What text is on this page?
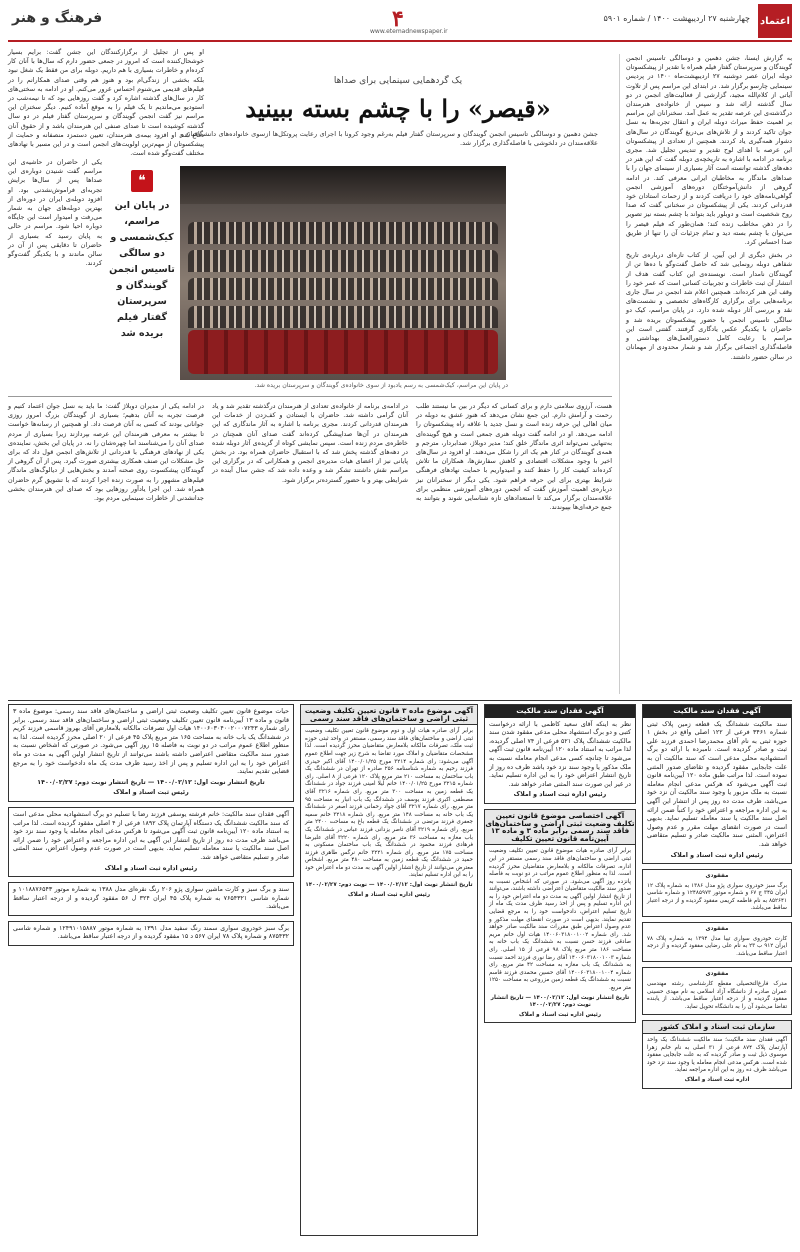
اعتماد
چهارشنبه ۲۷ اردیبهشت ۱۴۰۰ / شماره ۵۹۰۱
۴
www.etemadnewspaper.ir
فرهنگ و هنر
یک گردهمایی سینمایی برای صداها
«قیصر» را با چشم بسته ببینید
جشن دهمین و دوسالگی تاسیس انجمن گویندگان و سرپرستان گفتار فیلم به‌رغم وجود کرونا با اجرای رعایت پروتکل‌ها ازسوی خانواده‌های دانشگاهیان و علاقه‌مندان در دلخوشی با فاصله‌گذاری برگزار شد.

به گزارش ایسنا، جشن دهمین و دوسالگی تاسیس انجمن گویندگان و سرپرستان گفتار فیلم همراه با تقدیر از پیشکسوتان دوبله ایران عصر دوشنبه ۲۷ اردیبهشت‌ماه ۱۴۰۰ در پردیس سینمایی چارسو برگزار شد. در ابتدای این مراسم پس از تلاوت آیاتی از کلام‌الله مجید، گزارشی از فعالیت‌های انجمن در دو سال گذشته ارائه شد و سپس از خانواده‌ی هنرمندان درگذشته‌ی این عرصه تقدیر به عمل آمد. سخنرانان این مراسم بر اهمیت حفظ میراث دوبله ایران و انتقال تجربه‌ها به نسل جوان تاکید کردند و از تلاش‌های بی‌دریغ گویندگان در سال‌های دشوار همه‌گیری یاد کردند. همچنین از تعدادی از پیشکسوتان این عرصه با اهدای لوح تقدیر و تندیس تجلیل شد. مجری برنامه در ادامه با اشاره به تاریخچه‌ی دوبله گفت که این هنر در دهه‌های گذشته توانسته است آثار بسیاری از سینمای جهان را با صداهای ماندگار به مخاطبان ایرانی معرفی کند. در ادامه گروهی از دانش‌آموختگان دوره‌های آموزشی انجمن گواهی‌نامه‌های خود را دریافت کردند و از زحمات استادان خود قدردانی کردند. یکی از پیشکسوتان در سخنانی گفت که صدا روح شخصیت است و دوبلور باید بتواند با چشم بسته نیز تصویر را در ذهن مخاطب زنده کند؛ همان‌طور که فیلم قیصر را می‌توان با چشم بسته دید و تمام جزئیات آن را تنها از طریق صدا احساس کرد.

در بخش دیگری از این آیین، از کتاب تازه‌ای درباره‌ی تاریخ شفاهی دوبله رونمایی شد که حاصل گفت‌وگو با ده‌ها تن از گویندگان نامدار است. نویسنده‌ی این کتاب گفت هدف از انتشار آن ثبت خاطرات و تجربیات کسانی است که عمر خود را وقف این هنر کرده‌اند. همچنین اعلام شد انجمن در سال جاری برنامه‌هایی برای برگزاری کارگاه‌های تخصصی و نشست‌های نقد و بررسی آثار دوبله شده دارد. در پایان مراسم، کیک دو سالگی تاسیس انجمن با حضور پیشکسوتان بریده شد و حاضران با یکدیگر عکس یادگاری گرفتند. گفتنی است این مراسم با رعایت کامل دستورالعمل‌های بهداشتی و فاصله‌گذاری اجتماعی برگزار شد و شمار محدودی از مهمانان در سالن حضور داشتند.

در پایان این مراسم، کیک‌شمسی به رسم یادبود از سوی خانواده‌ی گویندگان و سرپرستان بریده شد.
❝
در پایان این مراسم، کیک‌شمسی و دو سالگی تاسیس انجمن گویندگان و سرپرستان گفتار فیلم بریده شد

یکی از حاضران در حاشیه‌ی این مراسم گفت شنیدن دوباره‌ی این صداها پس از سال‌ها برایش تجربه‌ای فراموش‌نشدنی بود. او افزود دوبله‌ی ایران در دوره‌ای از بهترین دوبله‌های جهان به شمار می‌رفت و امیدوار است این جایگاه دوباره احیا شود. مراسم در حالی به پایان رسید که بسیاری از حاضران تا دقایقی پس از آن در سالن ماندند و با یکدیگر گفت‌وگو کردند.

او پس از تجلیل از برگزارکنندگان این جشن گفت: برایم بسیار خوشحال‌کننده است که امروز در جمعی حضور دارم که سال‌ها با آنان کار کرده‌ام و خاطرات بسیاری با هم داریم. دوبله برای من فقط یک شغل نبود بلکه بخشی از زندگی‌ام بود و هنوز هم وقتی صدای همکارانم را در فیلم‌های قدیمی می‌شنوم احساس غرور می‌کنم. او در ادامه به سختی‌های کار در سال‌های گذشته اشاره کرد و گفت روزهایی بود که تا نیمه‌شب در استودیو می‌ماندیم تا یک فیلم را به موقع آماده کنیم. دیگر سخنران این مراسم نیز گفت انجمن گویندگان و سرپرستان گفتار فیلم در دو سال گذشته کوشیده است تا صدای صنفی این هنرمندان باشد و از حقوق آنان دفاع کند. او افزود بیمه‌ی هنرمندان، تعیین دستمزد منصفانه و حمایت از پیشکسوتان از مهم‌ترین اولویت‌های انجمن است و در این مسیر با نهادهای مختلف گفت‌وگو شده است.

هست، آرزوی سلامتی دارم و برای کسانی که دیگر در بین ما نیستند طلب رحمت و آرامش دارم. این جمع نشان می‌دهد که هنوز عشق به دوبله در میان اهالی این حرفه زنده است و نسل جدید با علاقه راه پیشکسوتان را ادامه می‌دهد. او در ادامه گفت دوبله هنری جمعی است و هیچ گوینده‌ای به‌تنهایی نمی‌تواند اثری ماندگار خلق کند؛ مدیر دوبلاژ، صدابردار، مترجم و همه‌ی گویندگان در کنار هم یک اثر را شکل می‌دهند. او افزود در سال‌های اخیر با وجود مشکلات اقتصادی و کاهش سفارش‌ها، همکاران ما تلاش کرده‌اند کیفیت کار را حفظ کنند و امیدواریم با حمایت نهادهای فرهنگی شرایط بهتری برای این حرفه فراهم شود. یکی دیگر از سخنرانان نیز درباره‌ی اهمیت آموزش گفت که انجمن دوره‌های آموزشی منظمی برای علاقه‌مندان برگزار می‌کند تا استعدادهای تازه شناسایی شوند و بتوانند به جمع حرفه‌ای‌ها بپیوندند.

در ادامه‌ی برنامه از خانواده‌ی تعدادی از هنرمندان درگذشته تقدیر شد و یاد آنان گرامی داشته شد. حاضران با ایستادن و کف‌زدن از خدمات این هنرمندان قدردانی کردند. مجری برنامه با اشاره به آثار ماندگاری که این هنرمندان در آن‌ها صداپیشگی کرده‌اند گفت صدای آنان همچنان در خاطره‌ی مردم زنده است. سپس نمایشی کوتاه از گزیده‌ی آثار دوبله شده در دهه‌های گذشته پخش شد که با استقبال حاضران همراه بود. در بخش پایانی نیز از اعضای هیات مدیره‌ی انجمن و همکارانی که در برگزاری این مراسم نقش داشتند تشکر شد و وعده داده شد که جشن سال آینده در شرایطی بهتر و با حضور گسترده‌تر برگزار شود.

در ادامه یکی از مدیران دوبلاژ گفت: ما باید به نسل جوان اعتماد کنیم و فرصت تجربه به آنان بدهیم؛ بسیاری از گویندگان بزرگ امروز روزی جوانانی بودند که کسی به آنان فرصت داد. او همچنین از رسانه‌ها خواست تا بیشتر به معرفی هنرمندان این عرصه بپردازند زیرا بسیاری از مردم صدای آنان را می‌شناسند اما چهره‌شان را نه. در پایان این بخش، نماینده‌ی یکی از نهادهای فرهنگی با قدردانی از تلاش‌های انجمن قول داد که برای حل مشکلات این صنف همکاری بیشتری صورت گیرد. پس از آن گروهی از گویندگان پیشکسوت روی صحنه آمدند و بخش‌هایی از دیالوگ‌های ماندگار فیلم‌های مشهور را به صورت زنده اجرا کردند که با تشویق گرم حاضران همراه شد. این اجرا یادآور روزهایی بود که صدای این هنرمندان بخشی جدانشدنی از خاطرات سینمایی مردم بود.

آگهی فقدان سند مالکیت
سند مالکیت ششدانگ یک قطعه زمین پلاک ثبتی شماره ۳۴۶۱ فرعی از ۱۲۲ اصلی واقع در بخش ۱ حوزه ثبتی به نام آقای محمدرضا احمدی فرزند علی ثبت و صادر گردیده است. نامبرده با ارائه دو برگ استشهادیه محلی مدعی است که سند مالکیت آن به علت جابجایی مفقود گردیده و تقاضای صدور المثنی نموده است. لذا مراتب طبق ماده ۱۲۰ آیین‌نامه قانون ثبت آگهی می‌شود که هرکس مدعی انجام معامله نسبت به ملک مزبور یا وجود سند مالکیت آن نزد خود می‌باشد، ظرف مدت ده روز پس از انتشار این آگهی به این اداره مراجعه و اعتراض خود را کتباً ضمن ارائه اصل سند مالکیت یا سند معامله تسلیم نماید. بدیهی است در صورت انقضای مهلت مقرر و عدم وصول اعتراض، المثنی سند مالکیت صادر و تسلیم متقاضی خواهد شد.
رئیس اداره ثبت اسناد و املاک
مفقودی
برگ سبز خودروی سواری پژو مدل ۱۳۸۶ به شماره پلاک ۱۲ ایران ۳۴۵ ج ۶۷ و شماره موتور ۱۲۴۸۵۹۷۳ و شماره شاسی ۸۵۲۶۴۱ به نام فاطمه کریمی مفقود گردیده و از درجه اعتبار ساقط می‌باشد.
مفقودی
کارت خودروی سواری تیبا مدل ۱۳۹۴ به شماره پلاک ۷۸ ایران ۹۱۲ ب ۲۳ به نام علی رضایی مفقود گردیده و از درجه اعتبار ساقط می‌باشد.
مفقودی
مدرک فارغ‌التحصیلی مقطع کارشناسی رشته مهندسی عمران صادره از دانشگاه آزاد اسلامی به نام مهدی حسینی مفقود گردیده و از درجه اعتبار ساقط می‌باشد. از یابنده تقاضا می‌شود آن را به دانشگاه تحویل نماید.
سازمان ثبت اسناد و املاک کشور
آگهی فقدان سند مالکیت؛ سند مالکیت ششدانگ یک واحد آپارتمان پلاک ۸۷۴ فرعی از ۳۱ اصلی به نام خانم زهرا موسوی ذیل ثبت و صادر گردیده که به علت جابجایی مفقود شده است. هرکس مدعی انجام معامله یا وجود سند نزد خود می‌باشد ظرف ده روز به این اداره مراجعه نماید.
اداره ثبت اسناد و املاک
آگهی فقدان سند مالکیت
نظر به اینکه آقای سعید کاظمی با ارائه درخواست کتبی و دو برگ استشهاد محلی مدعی مفقود شدن سند مالکیت ششدانگ پلاک ۵۲۱ فرعی از ۷۴ اصلی گردیده، لذا مراتب به استناد ماده ۱۲۰ آیین‌نامه قانون ثبت آگهی می‌شود تا چنانچه کسی مدعی انجام معامله نسبت به ملک مذکور یا وجود سند نزد خود باشد ظرف ده روز از تاریخ انتشار اعتراض خود را به این اداره تسلیم نماید. در غیر این صورت سند المثنی صادر خواهد شد.
رئیس اداره ثبت اسناد و املاک
آگهی اختصاصی موضوع قانون تعیین تکلیف وضعیت ثبتی اراضی و ساختمان‌های فاقد سند رسمی برابر ماده ۳ و ماده ۱۳ آیین‌نامه قانون تعیین تکلیف
برابر آرای صادره هیات موضوع قانون تعیین تکلیف وضعیت ثبتی اراضی و ساختمان‌های فاقد سند رسمی مستقر در این اداره، تصرفات مالکانه و بلامعارض متقاضیان محرز گردیده است. لذا به منظور اطلاع عموم مراتب در دو نوبت به فاصله پانزده روز آگهی می‌شود. در صورتی که اشخاص نسبت به صدور سند مالکیت متقاضیان اعتراضی داشته باشند، می‌توانند از تاریخ انتشار اولین آگهی به مدت دو ماه اعتراض خود را به این اداره تسلیم و پس از اخذ رسید ظرف مدت یک ماه از تاریخ تسلیم اعتراض، دادخواست خود را به مرجع قضایی تقدیم نمایند. بدیهی است در صورت انقضای مهلت مذکور و عدم وصول اعتراض طبق مقررات سند مالکیت صادر خواهد شد. رای شماره ۱۴۰۰۶۰۳۱۸۰۰۱۰۰۲ هیات اول خانم مریم صادقی فرزند حسن نسبت به ششدانگ یک باب خانه به مساحت ۱۸۶ متر مربع پلاک ۹۸ فرعی از ۱۵ اصلی. رای شماره ۱۴۰۰۶۰۳۱۸۰۰۱۰۰۳ آقای رضا نوری فرزند احمد نسبت به ششدانگ یک باب مغازه به مساحت ۴۲ متر مربع. رای شماره ۱۴۰۰۶۰۳۱۸۰۰۱۰۰۴ آقای حسین محمدی فرزند قاسم نسبت به ششدانگ یک قطعه زمین مزروعی به مساحت ۱۲۵۰ متر مربع.
تاریخ انتشار نوبت اول: ۱۴۰۰/۰۲/۱۲ — تاریخ انتشار نوبت دوم: ۱۴۰۰/۰۲/۲۷
رئیس اداره ثبت اسناد و املاک
آگهی موضوع ماده ۳ قانون تعیین تکلیف وضعیت ثبتی اراضی و ساختمان‌های فاقد سند رسمی
برابر آرای صادره هیات اول و دوم موضوع قانون تعیین تکلیف وضعیت ثبتی اراضی و ساختمان‌های فاقد سند رسمی، مستقر در واحد ثبتی حوزه ثبت ملک، تصرفات مالکانه بلامعارض متقاضیان محرز گردیده است. لذا مشخصات متقاضیان و املاک مورد تقاضا به شرح زیر جهت اطلاع عموم آگهی می‌شود: رای شماره ۳۲۱۴ مورخ ۱۴۰۰/۰۱/۲۵ آقای اکبر حیدری فرزند رحیم به شماره شناسنامه ۲۵۶ صادره از تهران در ششدانگ یک باب ساختمان به مساحت ۲۱۰ متر مربع پلاک ۱۲۰ فرعی از ۸ اصلی. رای شماره ۳۲۱۵ مورخ ۱۴۰۰/۰۱/۲۵ خانم لیلا امینی فرزند جواد در ششدانگ یک قطعه زمین به مساحت ۳۰۰ متر مربع. رای شماره ۳۲۱۶ آقای مصطفی اکبری فرزند یوسف در ششدانگ یک باب انبار به مساحت ۹۵ متر مربع. رای شماره ۳۲۱۷ آقای جواد رحمانی فرزند اصغر در ششدانگ یک باب خانه به مساحت ۱۴۸ متر مربع. رای شماره ۳۲۱۸ خانم سمیه جعفری فرزند مرتضی در ششدانگ یک قطعه باغ به مساحت ۲۴۰۰ متر مربع. رای شماره ۳۲۱۹ آقای ناصر یزدانی فرزند عباس در ششدانگ یک باب مغازه به مساحت ۳۶ متر مربع. رای شماره ۳۲۲۰ آقای علیرضا فرهادی فرزند محمود در ششدانگ یک باب ساختمان مسکونی به مساحت ۱۷۵ متر مربع. رای شماره ۳۲۲۱ خانم نرگس طاهری فرزند حمید در ششدانگ یک قطعه زمین به مساحت ۴۸۰ متر مربع. اشخاص معترض می‌توانند از تاریخ انتشار اولین آگهی به مدت دو ماه اعتراض خود را به این اداره تسلیم نمایند.
تاریخ انتشار نوبت اول: ۱۴۰۰/۰۲/۱۲ — نوبت دوم: ۱۴۰۰/۰۲/۲۷
رئیس اداره ثبت اسناد و املاک
حیات موضوع قانون تعیین تکلیف وضعیت ثبتی اراضی و ساختمان‌های فاقد سند رسمی: موضوع ماده ۳ قانون و ماده ۱۳ آیین‌نامه قانون تعیین تکلیف وضعیت ثبتی اراضی و ساختمان‌های فاقد سند رسمی. برابر رای شماره ۱۴۰۰۶۰۳۰۴۰۰۲۰۰۰۷۲۴۳ هیات اول تصرفات مالکانه بلامعارض آقای بهروز قاسمی فرزند کریم در ششدانگ یک باب خانه به مساحت ۱۶۵ متر مربع پلاک ۴۵ فرعی از ۲۰ اصلی محرز گردیده است. لذا به منظور اطلاع عموم مراتب در دو نوبت به فاصله ۱۵ روز آگهی می‌شود. در صورتی که اشخاص نسبت به صدور سند مالکیت متقاضی اعتراضی داشته باشند می‌توانند از تاریخ انتشار اولین آگهی به مدت دو ماه اعتراض خود را به این اداره تسلیم و پس از اخذ رسید ظرف مدت یک ماه دادخواست خود را به مرجع قضایی تقدیم نمایند.
تاریخ انتشار نوبت اول: ۱۴۰۰/۰۲/۱۲ — تاریخ انتشار نوبت دوم: ۱۴۰۰/۰۲/۲۷
رئیس ثبت اسناد و املاک
آگهی فقدان سند مالکیت: خانم فرشته یوسفی فرزند رضا با تسلیم دو برگ استشهادیه محلی مدعی است که سند مالکیت ششدانگ یک دستگاه آپارتمان پلاک ۱۸۹۲ فرعی از ۴ اصلی مفقود گردیده است. لذا مراتب به استناد ماده ۱۲۰ آیین‌نامه قانون ثبت آگهی می‌شود تا هرکس مدعی انجام معامله یا وجود سند نزد خود می‌باشد ظرف مدت ده روز از تاریخ انتشار این آگهی به این اداره مراجعه و اعتراض خود را ضمن ارائه اصل سند مالکیت یا سند معامله تسلیم نماید. بدیهی است در صورت عدم وصول اعتراض، سند المثنی صادر و تسلیم متقاضی خواهد شد.
رئیس اداره ثبت اسناد و املاک
سند و برگ سبز و کارت ماشین سواری پژو ۲۰۶ رنگ نقره‌ای مدل ۱۳۸۸ به شماره موتور ۱۰۱۸۸۷۶۵۴۳ و شماره شاسی ۷۶۵۴۳۲۱ به شماره پلاک ۴۵ ایران ۳۲۴ ل ۵۶ مفقود گردیده و از درجه اعتبار ساقط می‌باشد.
برگ سبز خودروی سواری سمند رنگ سفید مدل ۱۳۹۱ به شماره موتور ۱۲۴۹۱۰۱۵۸۸۷ و شماره شاسی ۸۷۵۴۳۲ و شماره پلاک ۷۸ ایران ۵۶۷ د ۱۵ مفقود گردیده و از درجه اعتبار ساقط می‌باشد.
